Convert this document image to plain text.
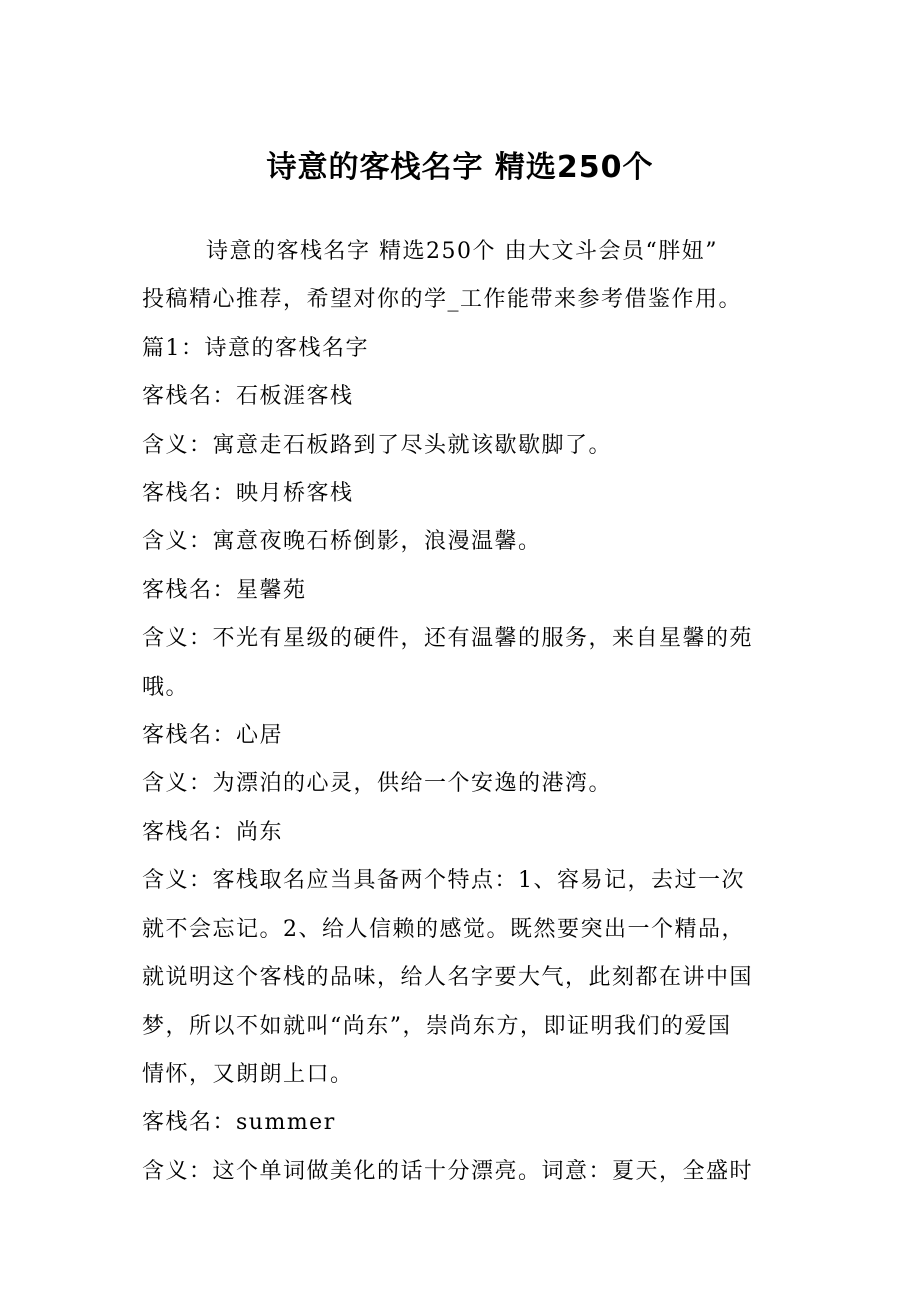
诗意的客栈名字 精选250个

诗意的客栈名字 精选250个 由大文斗会员“胖妞”

投稿精心推荐，希望对你的学_工作能带来参考借鉴作用。

篇1：诗意的客栈名字

客栈名：石板涯客栈

含义：寓意走石板路到了尽头就该歇歇脚了。

客栈名：映月桥客栈

含义：寓意夜晚石桥倒影，浪漫温馨。

客栈名：星馨苑

含义：不光有星级的硬件，还有温馨的服务，来自星馨的苑

哦。

客栈名：心居

含义：为漂泊的心灵，供给一个安逸的港湾。

客栈名：尚东

含义：客栈取名应当具备两个特点：1、容易记，去过一次

就不会忘记。2、给人信赖的感觉。既然要突出一个精品，

就说明这个客栈的品味，给人名字要大气，此刻都在讲中国

梦，所以不如就叫“尚东”，崇尚东方，即证明我们的爱国

情怀，又朗朗上口。

客栈名：summer

含义：这个单词做美化的话十分漂亮。词意：夏天，全盛时
